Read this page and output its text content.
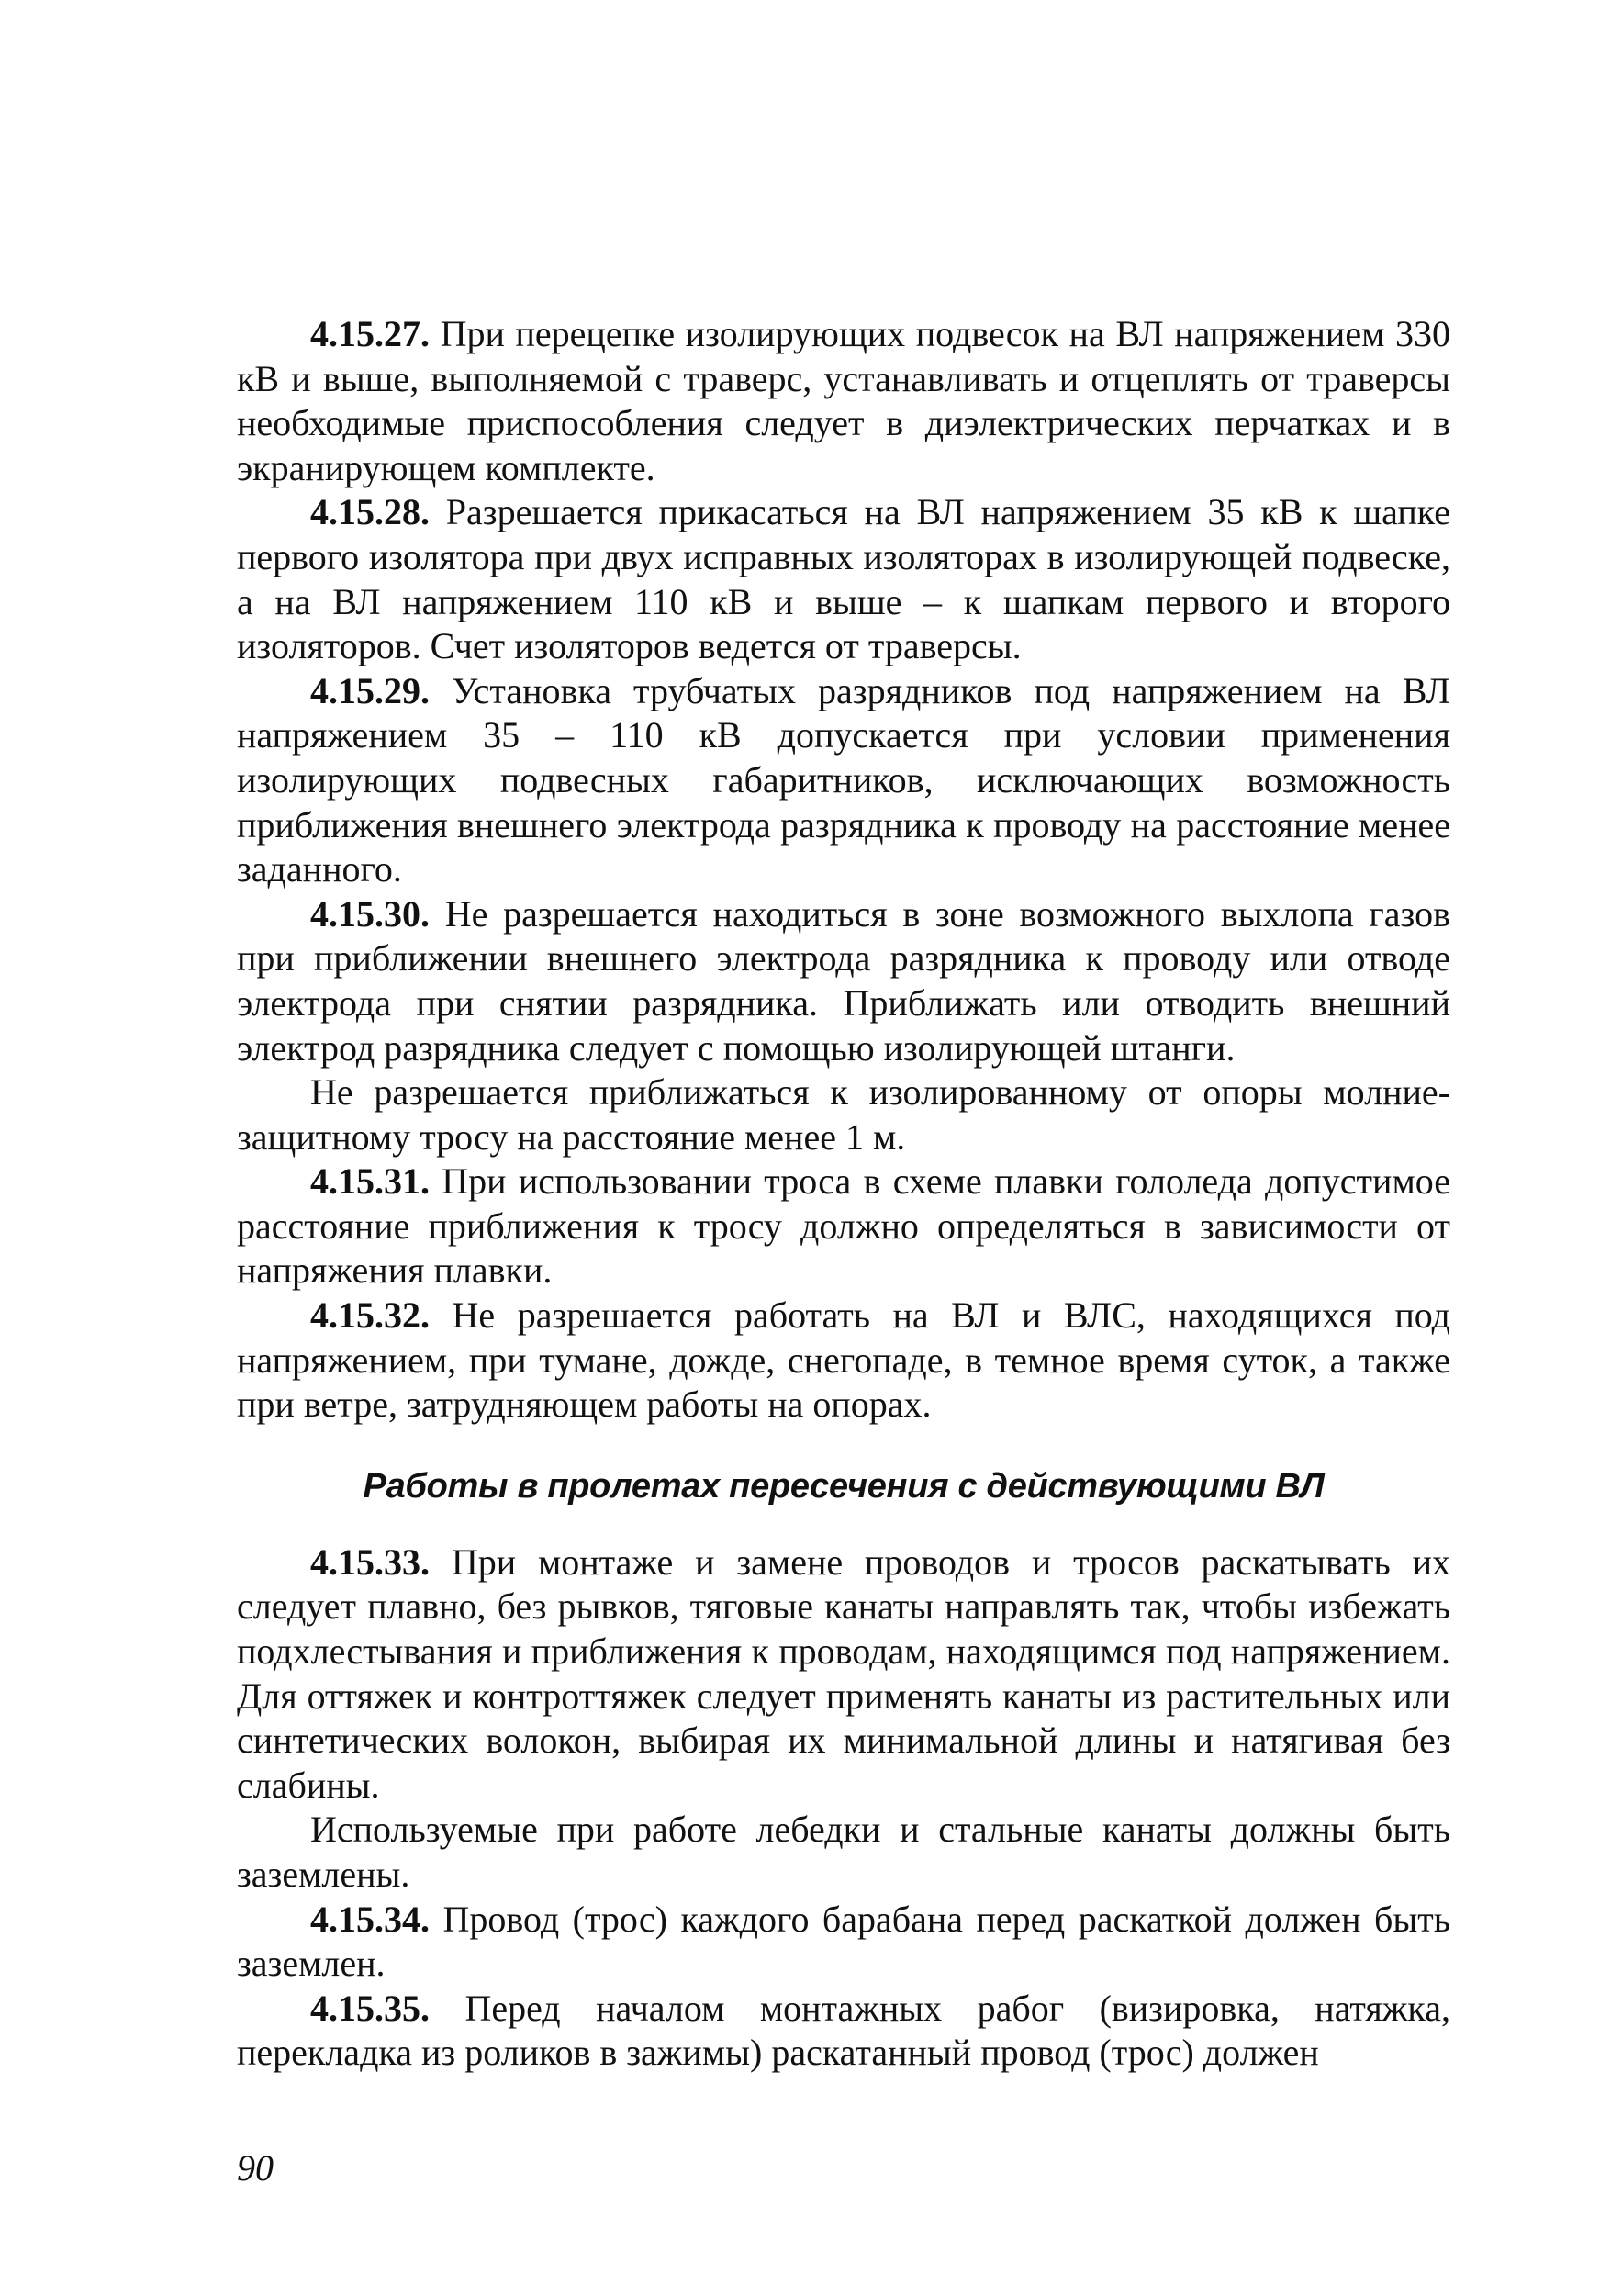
4.15.27. При перецепке изолирующих подвесок на ВЛ напряжением 330 кВ и выше, выполняемой с траверс, устанавливать и отцеплять от траверсы необходимые приспособления следует в диэлектрических перчатках и в экранирующем комплекте.

4.15.28. Разрешается прикасаться на ВЛ напряжением 35 кВ к шапке первого изолятора при двух исправных изоляторах в изолирующей подвеске, а на ВЛ напряжением 110 кВ и выше – к шапкам первого и второго изоляторов. Счет изоляторов ведется от траверсы.

4.15.29. Установка трубчатых разрядников под напряжением на ВЛ напряжением 35 – 110 кВ допускается при условии применения изолирующих подвесных габаритников, исключающих возможность приближения внешнего электрода разрядника к проводу на расстояние менее заданного.

4.15.30. Не разрешается находиться в зоне возможного выхлопа газов при приближении внешнего электрода разрядника к проводу или отводе электрода при снятии разрядника. Приближать или отводить внешний электрод разрядника следует с помощью изолирующей штанги.

Не разрешается приближаться к изолированному от опоры молниезащитному тросу на расстояние менее 1 м.

4.15.31. При использовании троса в схеме плавки гололеда допустимое расстояние приближения к тросу должно определяться в зависимости от напряжения плавки.

4.15.32. Не разрешается работать на ВЛ и ВЛС, находящихся под напряжением, при тумане, дожде, снегопаде, в темное время суток, а также при ветре, затрудняющем работы на опорах.

Работы в пролетах пересечения с действующими ВЛ

4.15.33. При монтаже и замене проводов и тросов раскатывать их следует плавно, без рывков, тяговые канаты направлять так, чтобы избежать подхлестывания и приближения к проводам, находящимся под напряжением. Для оттяжек и контроттяжек следует применять канаты из растительных или синтетических волокон, выбирая их минимальной длины и натягивая без слабины.

Используемые при работе лебедки и стальные канаты должны быть заземлены.

4.15.34. Провод (трос) каждого барабана перед раскаткой должен быть заземлен.

4.15.35. Перед началом монтажных рабог (визировка, натяжка, перекладка из роликов в зажимы) раскатанный провод (трос) должен

90
